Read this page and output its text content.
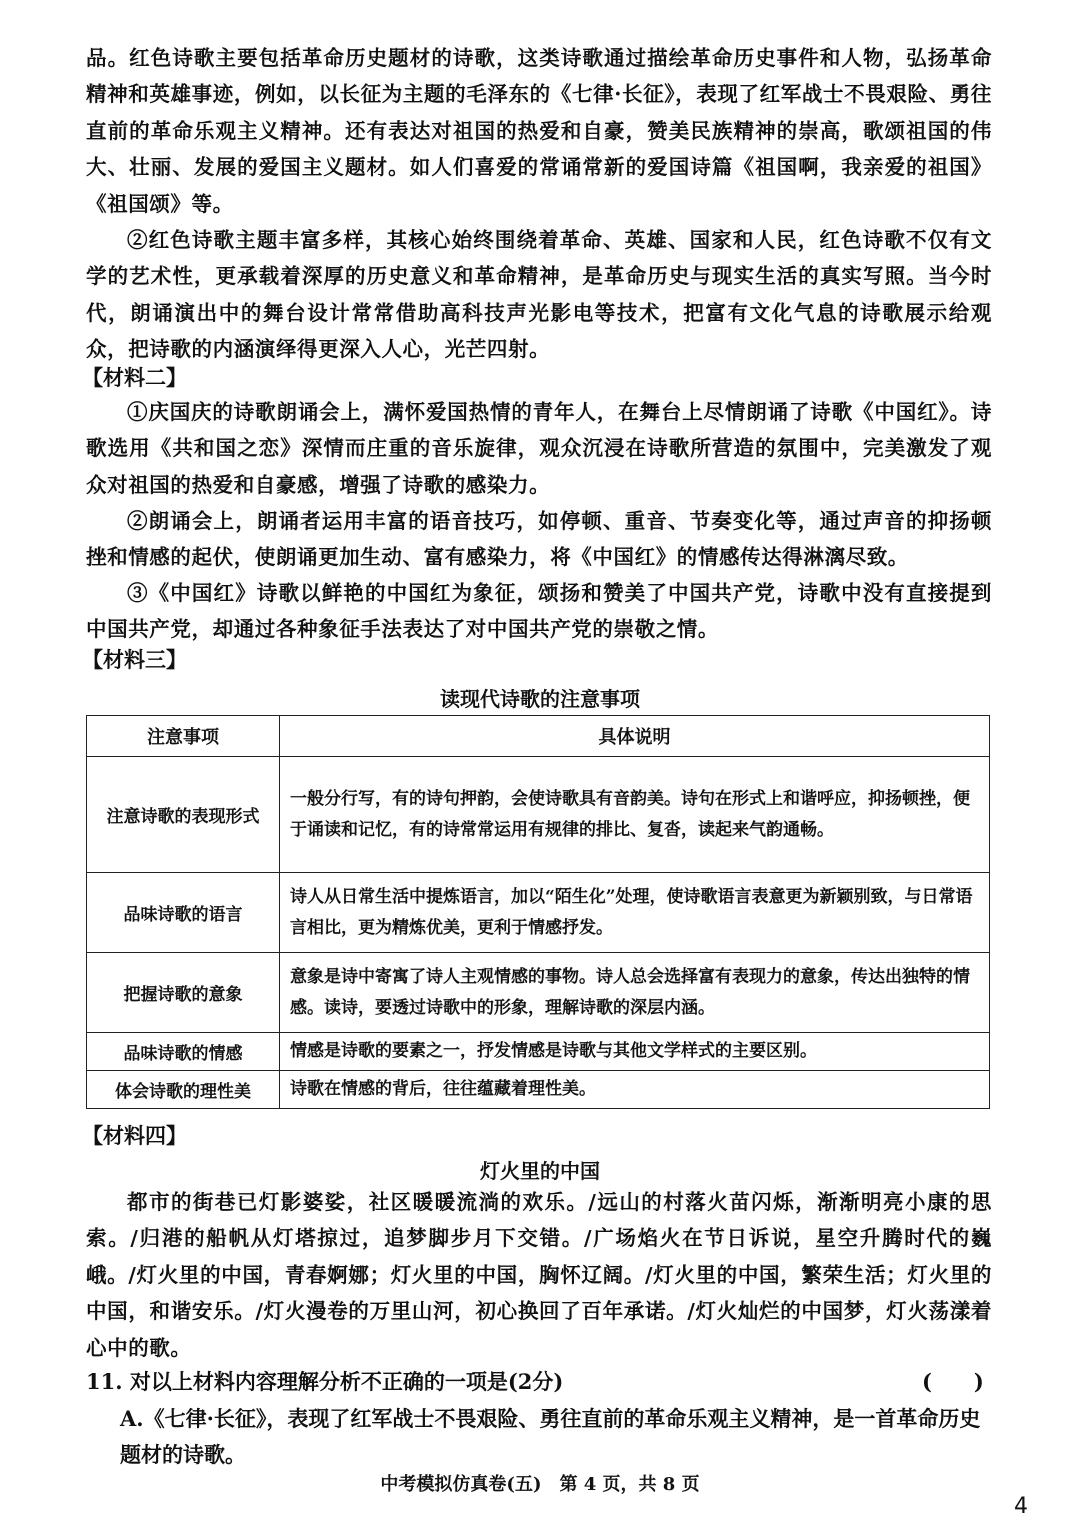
品。红色诗歌主要包括革命历史题材的诗歌，这类诗歌通过描绘革命历史事件和人物，弘扬革命精神和英雄事迹，例如，以长征为主题的毛泽东的《七律·长征》，表现了红军战士不畏艰险、勇往直前的革命乐观主义精神。还有表达对祖国的热爱和自豪，赞美民族精神的崇高，歌颂祖国的伟大、壮丽、发展的爱国主义题材。如人们喜爱的常诵常新的爱国诗篇《祖国啊，我亲爱的祖国》《祖国颂》等。

②红色诗歌主题丰富多样，其核心始终围绕着革命、英雄、国家和人民，红色诗歌不仅有文学的艺术性，更承载着深厚的历史意义和革命精神，是革命历史与现实生活的真实写照。当今时代，朗诵演出中的舞台设计常常借助高科技声光影电等技术，把富有文化气息的诗歌展示给观众，把诗歌的内涵演绎得更深入人心，光芒四射。

【材料二】

①庆国庆的诗歌朗诵会上，满怀爱国热情的青年人，在舞台上尽情朗诵了诗歌《中国红》。诗歌选用《共和国之恋》深情而庄重的音乐旋律，观众沉浸在诗歌所营造的氛围中，完美激发了观众对祖国的热爱和自豪感，增强了诗歌的感染力。

②朗诵会上，朗诵者运用丰富的语音技巧，如停顿、重音、节奏变化等，通过声音的抑扬顿挫和情感的起伏，使朗诵更加生动、富有感染力，将《中国红》的情感传达得淋漓尽致。

③《中国红》诗歌以鲜艳的中国红为象征，颂扬和赞美了中国共产党，诗歌中没有直接提到中国共产党，却通过各种象征手法表达了对中国共产党的崇敬之情。

【材料三】

读现代诗歌的注意事项

注意事项	具体说明
注意诗歌的表现形式	一般分行写，有的诗句押韵，会使诗歌具有音韵美。诗句在形式上和谐呼应，抑扬顿挫，便于诵读和记忆，有的诗常常运用有规律的排比、复沓，读起来气韵通畅。
品味诗歌的语言	诗人从日常生活中提炼语言，加以“陌生化”处理，使诗歌语言表意更为新颖别致，与日常语言相比，更为精炼优美，更利于情感抒发。
把握诗歌的意象	意象是诗中寄寓了诗人主观情感的事物。诗人总会选择富有表现力的意象，传达出独特的情感。读诗，要透过诗歌中的形象，理解诗歌的深层内涵。
品味诗歌的情感	情感是诗歌的要素之一，抒发情感是诗歌与其他文学样式的主要区别。
体会诗歌的理性美	诗歌在情感的背后，往往蕴藏着理性美。

【材料四】

灯火里的中国

都市的街巷已灯影婆娑，社区暖暖流淌的欢乐。/远山的村落火苗闪烁，渐渐明亮小康的思索。/归港的船帆从灯塔掠过，追梦脚步月下交错。/广场焰火在节日诉说，星空升腾时代的巍峨。/灯火里的中国，青春婀娜；灯火里的中国，胸怀辽阔。/灯火里的中国，繁荣生活；灯火里的中国，和谐安乐。/灯火漫卷的万里山河，初心换回了百年承诺。/灯火灿烂的中国梦，灯火荡漾着心中的歌。

11. 对以上材料内容理解分析不正确的一项是(2分)	(　　)

A.《七律·长征》，表现了红军战士不畏艰险、勇往直前的革命乐观主义精神，是一首革命历史题材的诗歌。

中考模拟仿真卷(五)　第 4 页，共 8 页
4
